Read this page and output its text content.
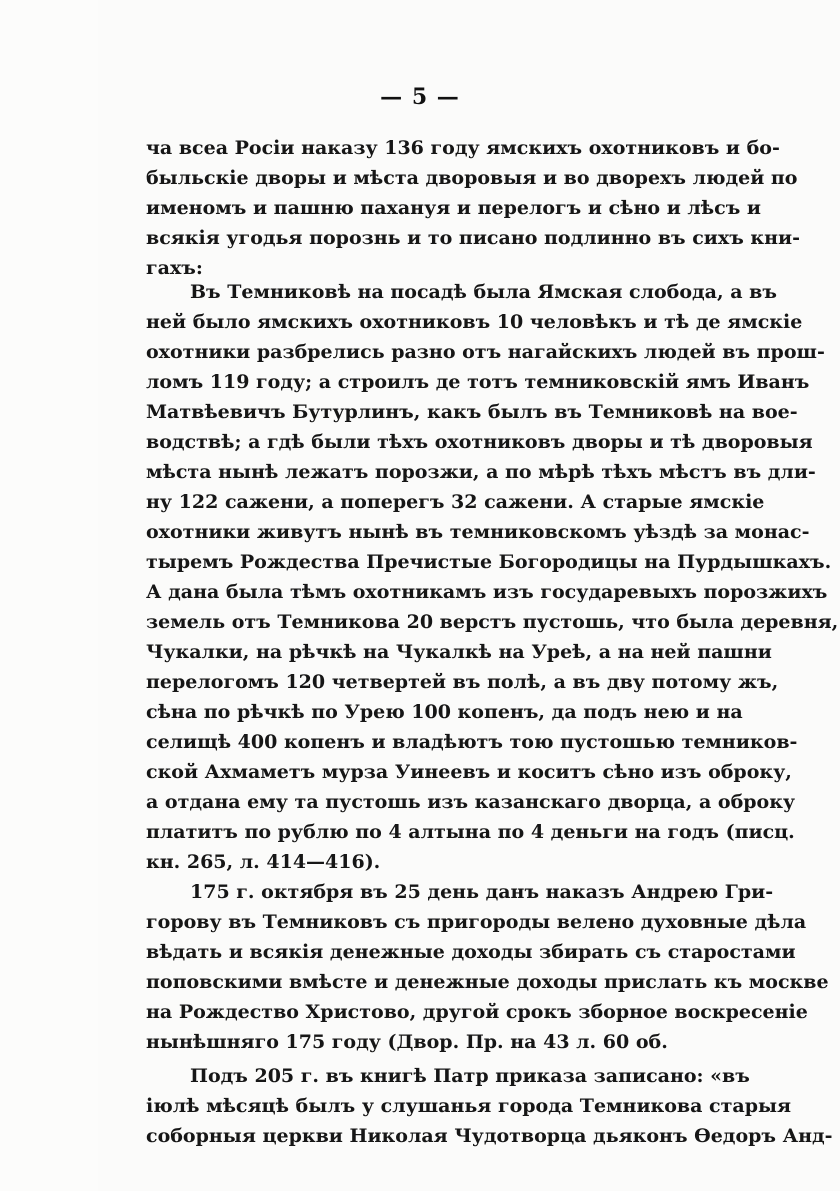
— 5 —
ча всеа Росіи наказу 136 году ямскихъ охотниковъ и бо-
быльскіе дворы и мѣста дворовыя и во дворехъ людей по
именомъ и пашню пахануя и перелогъ и сѣно и лѣсъ и
всякія угодья порознь и то писано подлинно въ сихъ кни-
гахъ:
Въ Темниковѣ на посадѣ была Ямская слобода, а въ
ней было ямскихъ охотниковъ 10 человѣкъ и тѣ де ямскіе
охотники разбрелись разно отъ нагайскихъ людей въ прош-
ломъ 119 году; а строилъ де тотъ темниковскій ямъ Иванъ
Матвѣевичъ Бутурлинъ, какъ былъ въ Темниковѣ на вое-
водствѣ; а гдѣ были тѣхъ охотниковъ дворы и тѣ дворовыя
мѣста нынѣ лежатъ порозжи, а по мѣрѣ тѣхъ мѣстъ въ дли-
ну 122 сажени, а поперегъ 32 сажени. А старые ямскіе
охотники живутъ нынѣ въ темниковскомъ уѣздѣ за монас-
тыремъ Рождества Пречистые Богородицы на Пурдышкахъ.
А дана была тѣмъ охотникамъ изъ государевыхъ порозжихъ
земель отъ Темникова 20 верстъ пустошь, что была деревня,
Чукалки, на рѣчкѣ на Чукалкѣ на Уреѣ, а на ней пашни
перелогомъ 120 четвертей въ полѣ, а въ дву потому жъ,
сѣна по рѣчкѣ по Урею 100 копенъ, да подъ нею и на
селищѣ 400 копенъ и владѣютъ тою пустошью темников-
ской Ахмаметъ мурза Уинеевъ и коситъ сѣно изъ оброку,
а отдана ему та пустошь изъ казанскаго дворца, а оброку
платитъ по рублю по 4 алтына по 4 деньги на годъ (писц.
кн. 265, л. 414—416).
175 г. октября въ 25 день данъ наказъ Андрею Гри-
горову въ Темниковъ съ пригороды велено духовные дѣла
вѣдать и всякія денежные доходы збирать съ старостами
поповскими вмѣсте и денежные доходы прислать къ москве
на Рождество Христово, другой срокъ зборное воскресеніе
нынѣшняго 175 году (Двор. Пр. на 43 л. 60 об.
Подъ 205 г. въ книгѣ Патр приказа записано: «въ
іюлѣ мѣсяцѣ былъ у слушанья города Темникова старыя
соборныя церкви Николая Чудотворца дьяконъ Ѳедоръ Анд-
